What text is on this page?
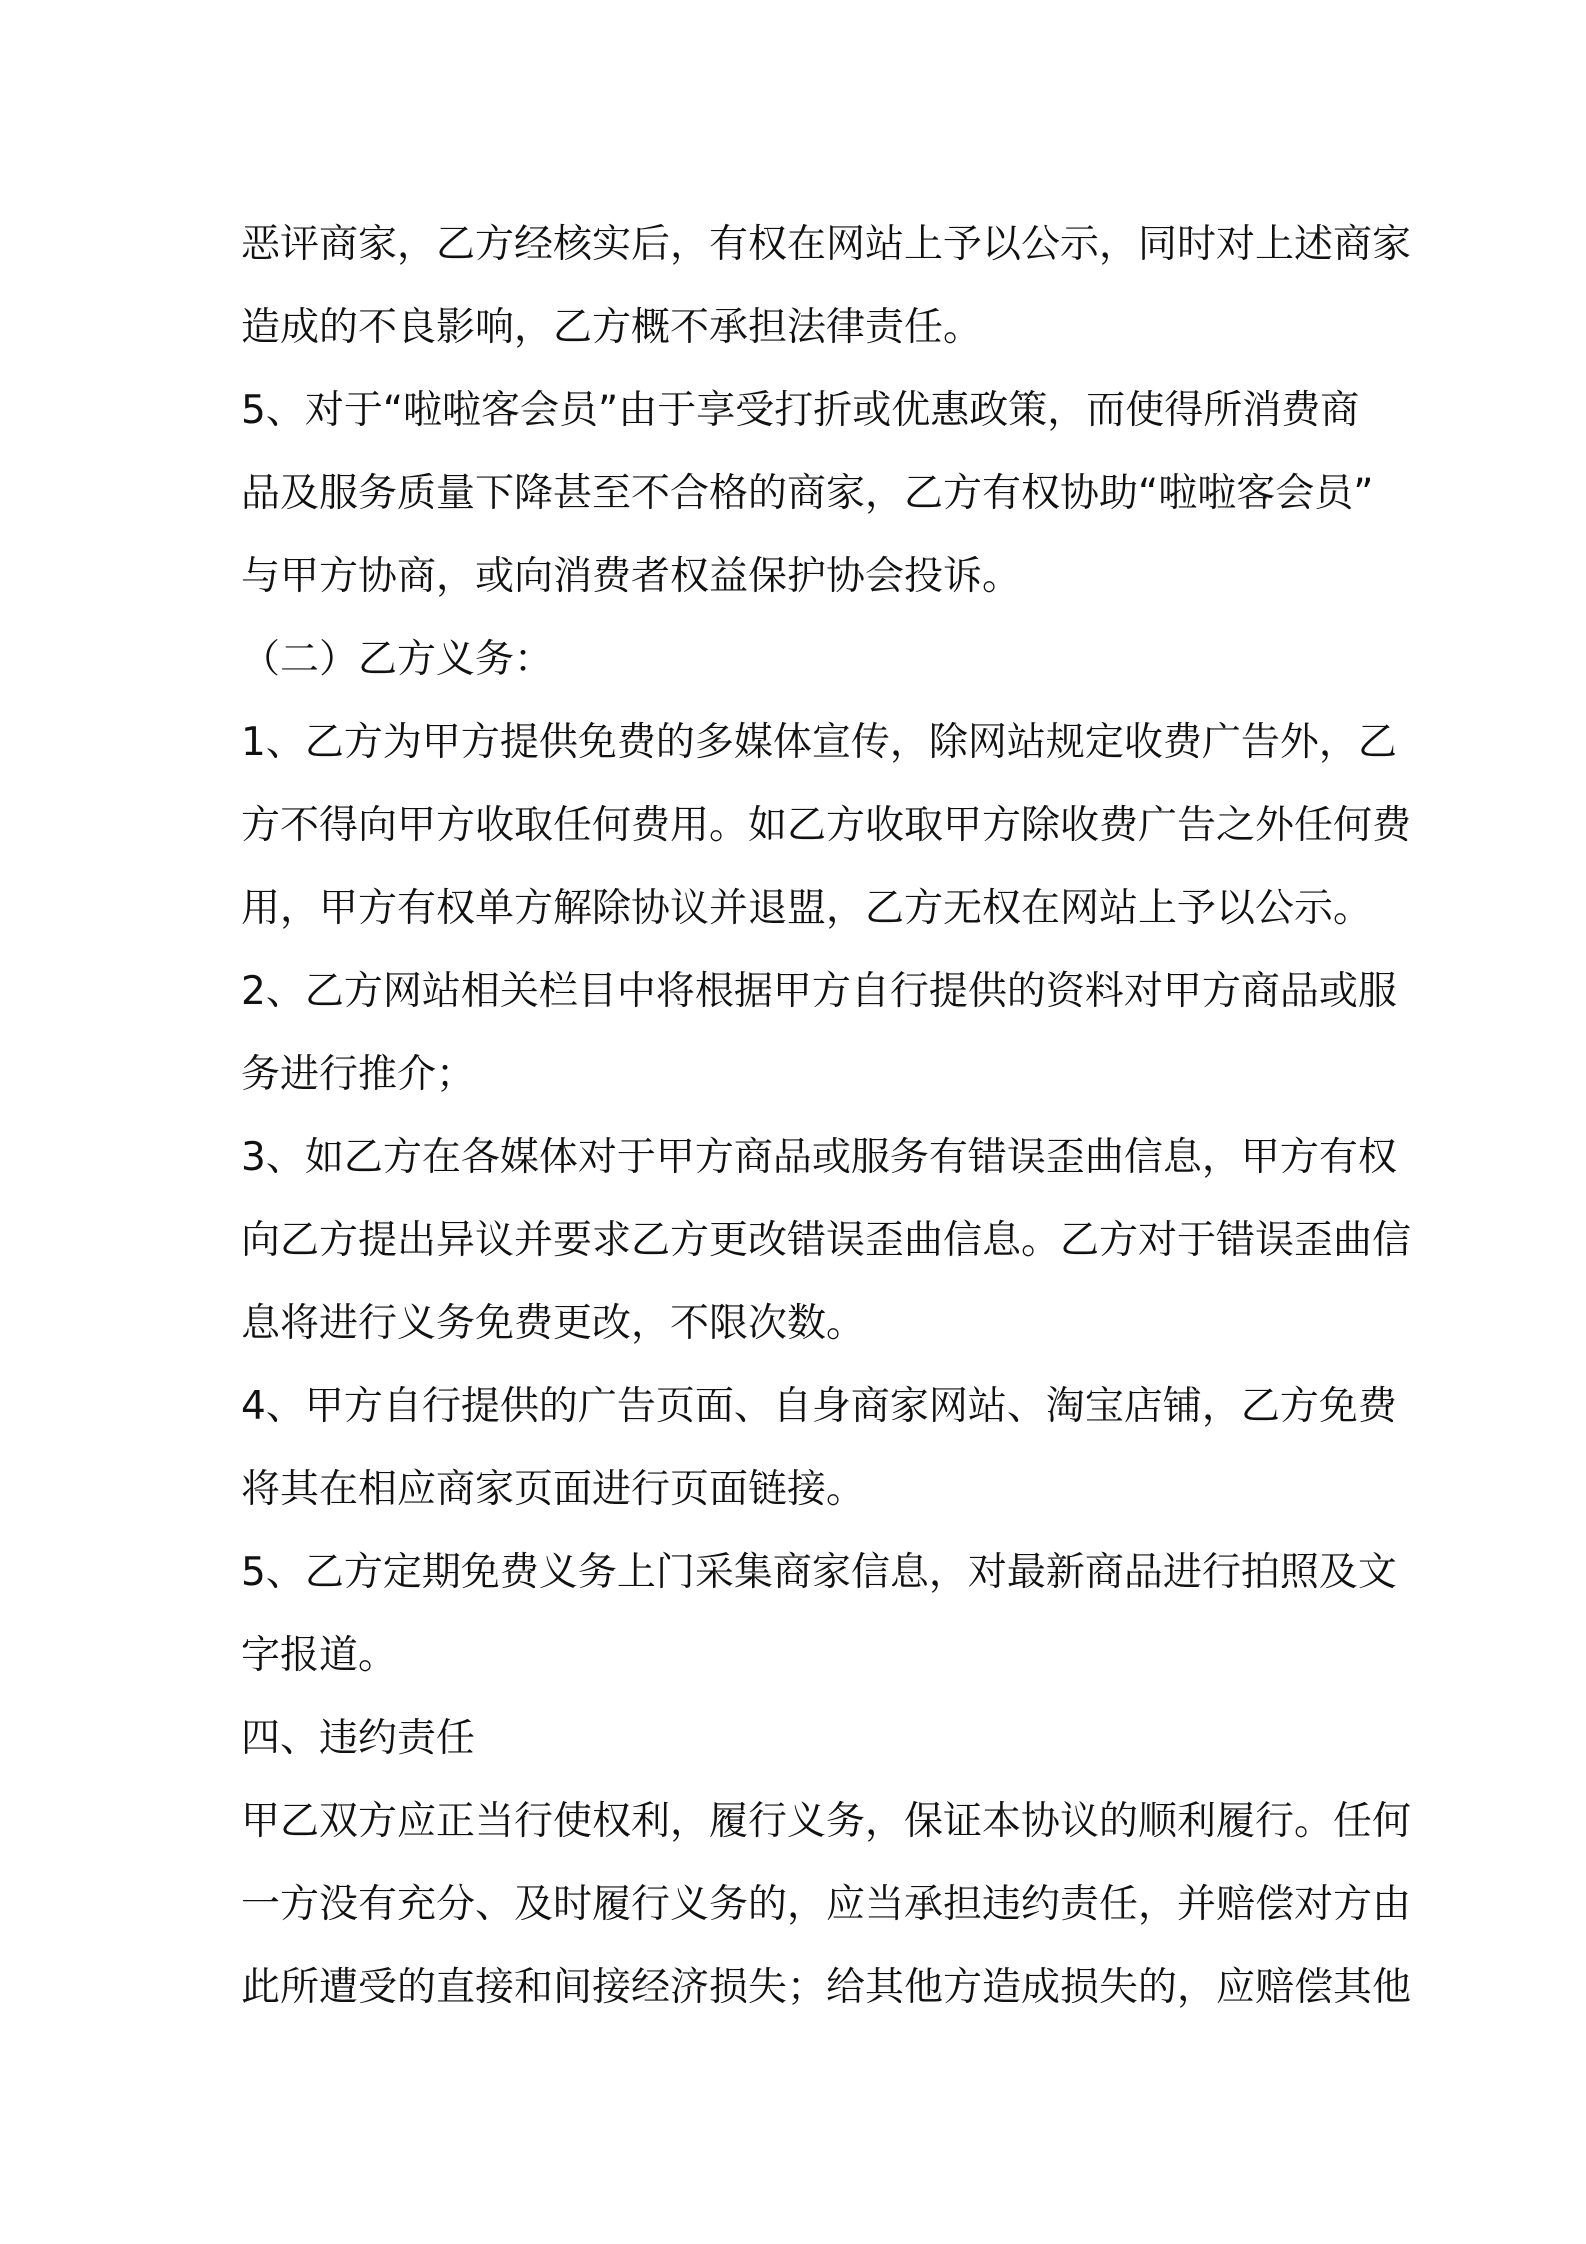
恶评商家，乙方经核实后，有权在网站上予以公示，同时对上述商家
造成的不良影响，乙方概不承担法律责任。
5、对于“啦啦客会员”由于享受打折或优惠政策，而使得所消费商
品及服务质量下降甚至不合格的商家，乙方有权协助“啦啦客会员”
与甲方协商，或向消费者权益保护协会投诉。
（二）乙方义务：
1、乙方为甲方提供免费的多媒体宣传，除网站规定收费广告外，乙
方不得向甲方收取任何费用。如乙方收取甲方除收费广告之外任何费
用，甲方有权单方解除协议并退盟，乙方无权在网站上予以公示。
2、乙方网站相关栏目中将根据甲方自行提供的资料对甲方商品或服
务进行推介；
3、如乙方在各媒体对于甲方商品或服务有错误歪曲信息，甲方有权
向乙方提出异议并要求乙方更改错误歪曲信息。乙方对于错误歪曲信
息将进行义务免费更改，不限次数。
4、甲方自行提供的广告页面、自身商家网站、淘宝店铺，乙方免费
将其在相应商家页面进行页面链接。
5、乙方定期免费义务上门采集商家信息，对最新商品进行拍照及文
字报道。
四、违约责任
甲乙双方应正当行使权利，履行义务，保证本协议的顺利履行。任何
一方没有充分、及时履行义务的，应当承担违约责任，并赔偿对方由
此所遭受的直接和间接经济损失；给其他方造成损失的，应赔偿其他
